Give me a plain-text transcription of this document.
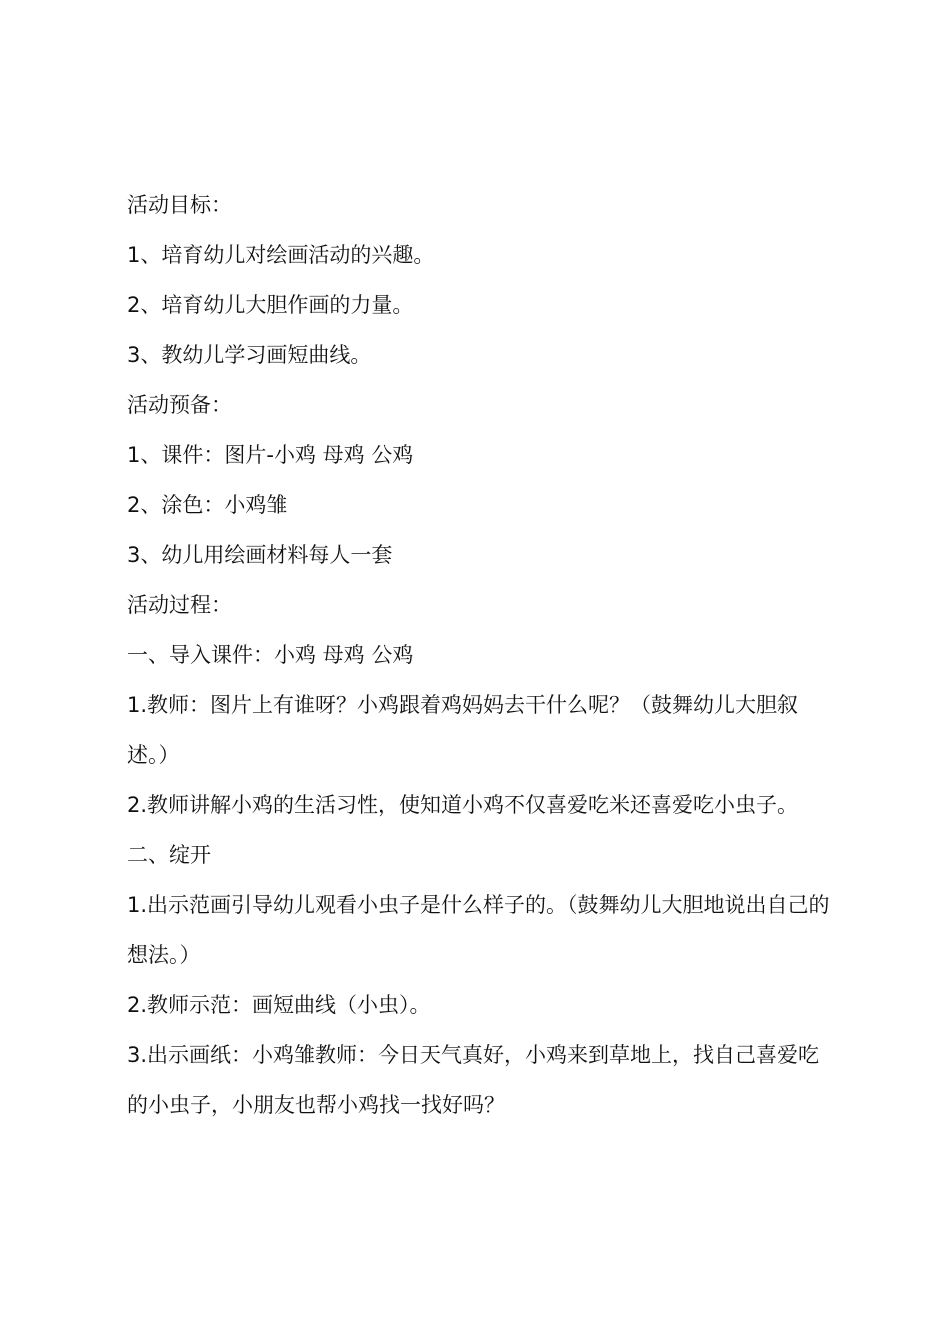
活动目标：

1、培育幼儿对绘画活动的兴趣。

2、培育幼儿大胆作画的力量。

3、教幼儿学习画短曲线。

活动预备：

1、课件：图片-小鸡 母鸡 公鸡

2、涂色：小鸡雏

3、幼儿用绘画材料每人一套

活动过程：

一、导入课件：小鸡 母鸡 公鸡

1.教师：图片上有谁呀？小鸡跟着鸡妈妈去干什么呢？（鼓舞幼儿大胆叙述。）

2.教师讲解小鸡的生活习性，使知道小鸡不仅喜爱吃米还喜爱吃小虫子。

二、绽开

1.出示范画引导幼儿观看小虫子是什么样子的。（鼓舞幼儿大胆地说出自己的想法。）

2.教师示范：画短曲线（小虫）。

3.出示画纸：小鸡雏教师：今日天气真好，小鸡来到草地上，找自己喜爱吃的小虫子，小朋友也帮小鸡找一找好吗？
